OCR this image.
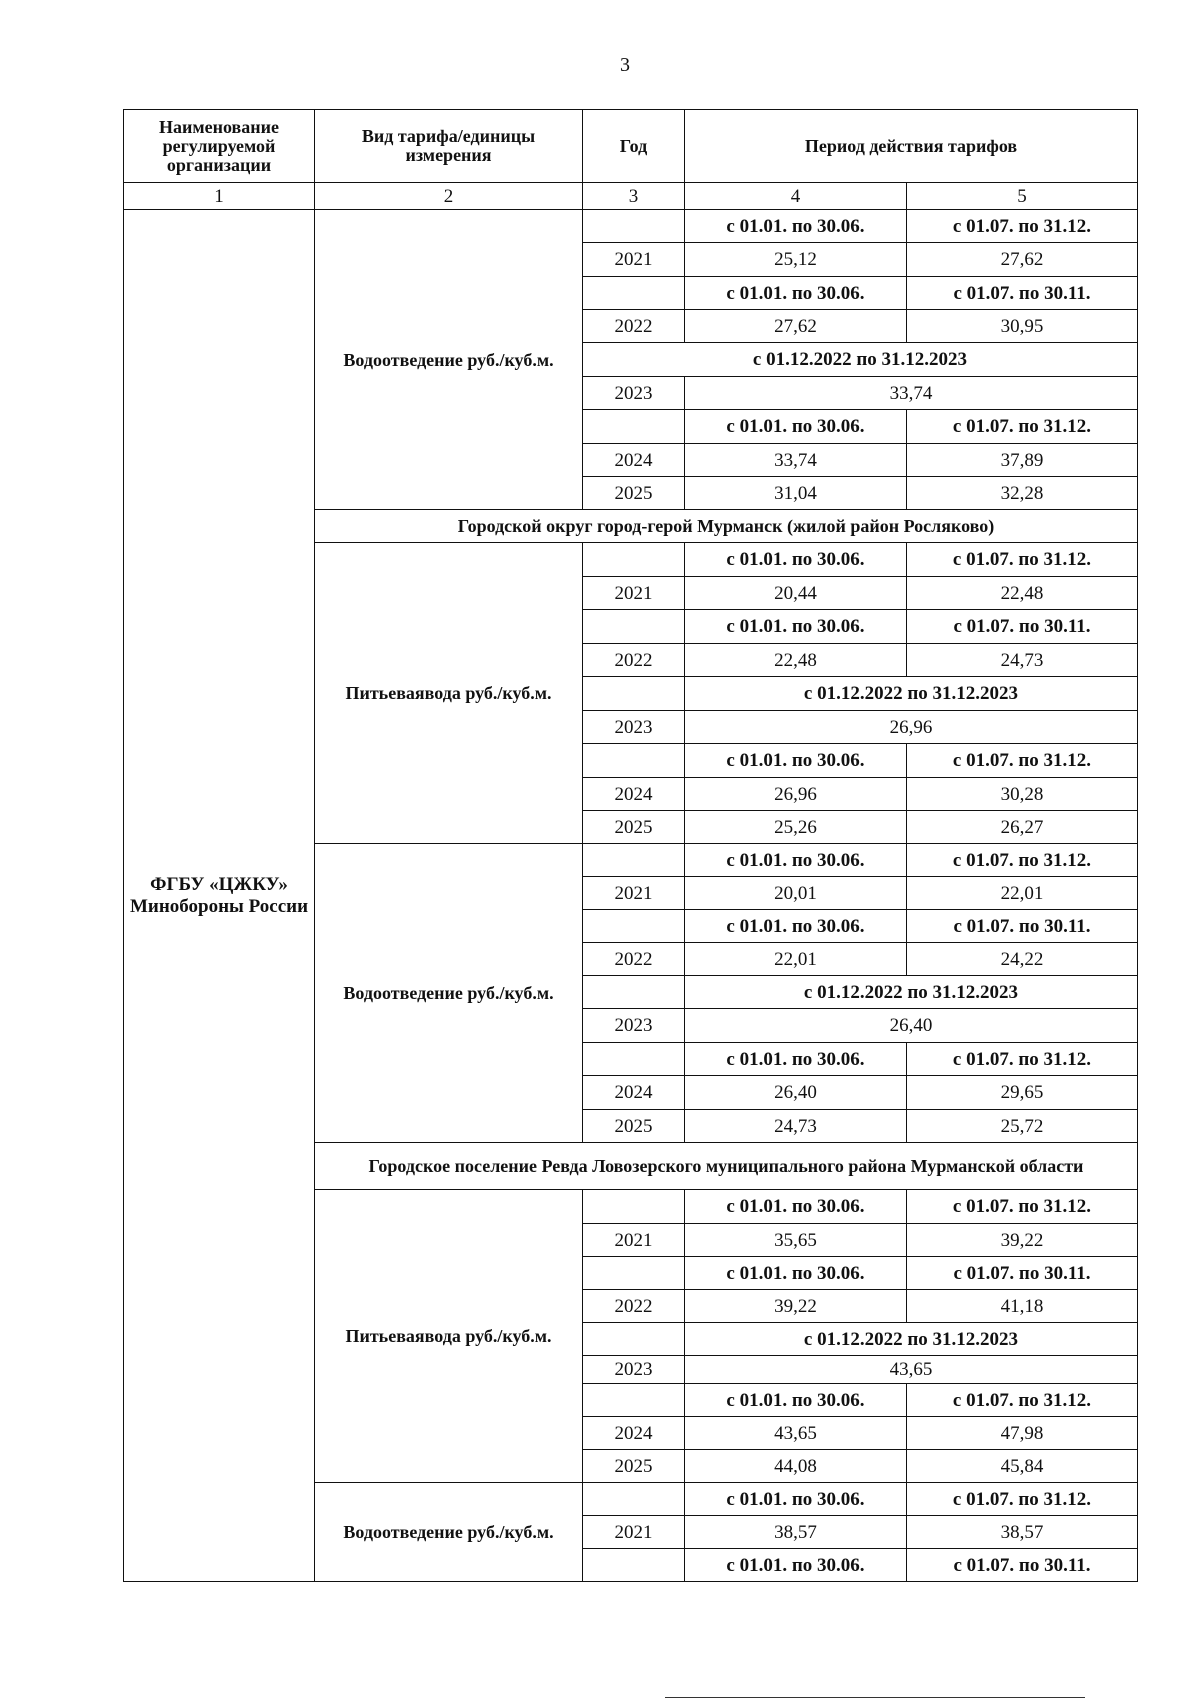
3
Наименование регулируемой организации	Вид тарифа/единицы измерения	Год	Период действия тарифов	
1	2	3	4	5
ФГБУ «ЦЖКУ» Минобороны России	Водоотведение руб./куб.м.		с 01.01. по 30.06.	с 01.07. по 31.12.
		2021	25,12	27,62
			с 01.01. по 30.06.	с 01.07. по 30.11.
		2022	27,62	30,95
		с 01.12.2022 по 31.12.2023		
		2023	33,74	
			с 01.01. по 30.06.	с 01.07. по 31.12.
		2024	33,74	37,89
		2025	31,04	32,28
	Городской округ город-герой Мурманск (жилой район Росляково)			
	Питьеваявода руб./куб.м.		с 01.01. по 30.06.	с 01.07. по 31.12.
		2021	20,44	22,48
			с 01.01. по 30.06.	с 01.07. по 30.11.
		2022	22,48	24,73
			с 01.12.2022 по 31.12.2023	
		2023	26,96	
			с 01.01. по 30.06.	с 01.07. по 31.12.
		2024	26,96	30,28
		2025	25,26	26,27
	Водоотведение руб./куб.м.		с 01.01. по 30.06.	с 01.07. по 31.12.
		2021	20,01	22,01
			с 01.01. по 30.06.	с 01.07. по 30.11.
		2022	22,01	24,22
			с 01.12.2022 по 31.12.2023	
		2023	26,40	
			с 01.01. по 30.06.	с 01.07. по 31.12.
		2024	26,40	29,65
		2025	24,73	25,72
	Городское поселение Ревда Ловозерского муниципального района Мурманской области			
	Питьеваявода руб./куб.м.		с 01.01. по 30.06.	с 01.07. по 31.12.
		2021	35,65	39,22
			с 01.01. по 30.06.	с 01.07. по 30.11.
		2022	39,22	41,18
			с 01.12.2022 по 31.12.2023	
		2023	43,65	
			с 01.01. по 30.06.	с 01.07. по 31.12.
		2024	43,65	47,98
		2025	44,08	45,84
	Водоотведение руб./куб.м.		с 01.01. по 30.06.	с 01.07. по 31.12.
		2021	38,57	38,57
			с 01.01. по 30.06.	с 01.07. по 30.11.
